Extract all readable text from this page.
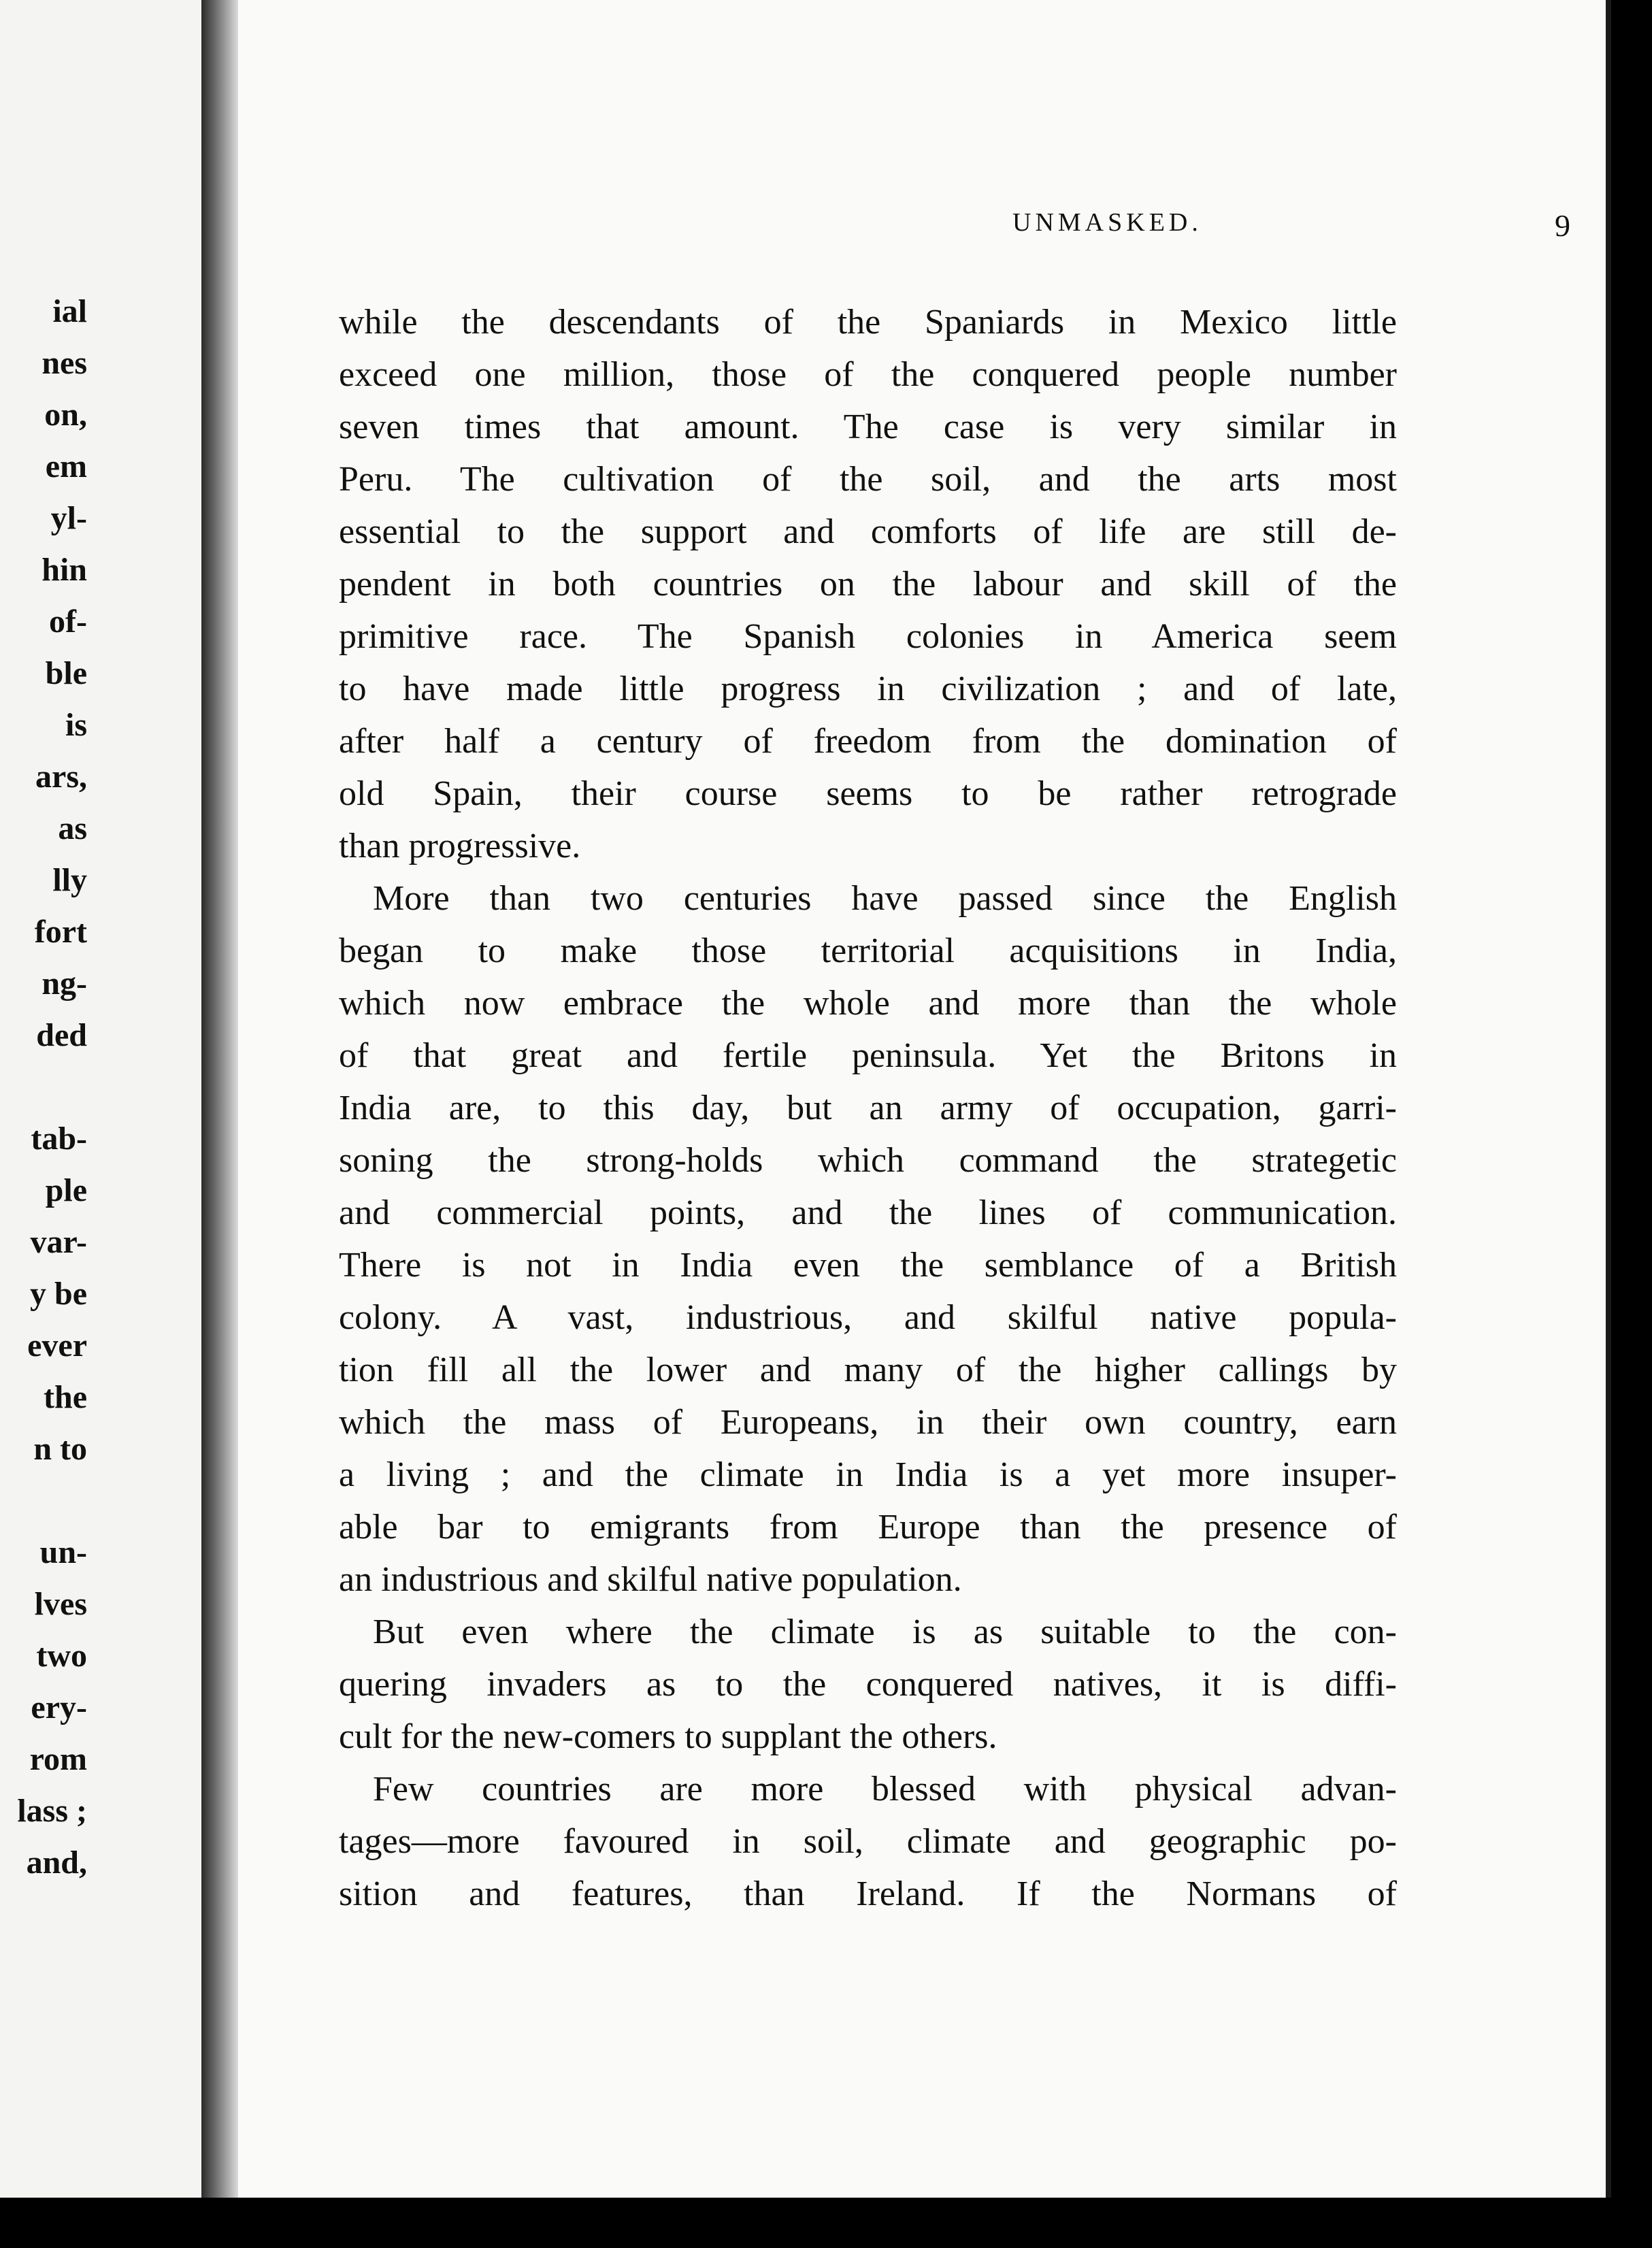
ial
nes
on,
em
yl-
hin
of-
ble
is
ars,
as
lly
fort
ng-
ded
tab-
ple
var-
y be
ever
the
n to
un-
lves
two
ery-
rom
lass ;
and,
UNMASKED.	9
while the descendants of the Spaniards in Mexico little
exceed one million, those of the conquered people number
seven times that amount. The case is very similar in
Peru. The cultivation of the soil, and the arts most
essential to the support and comforts of life are still de-
pendent in both countries on the labour and skill of the
primitive race. The Spanish colonies in America seem
to have made little progress in civilization ; and of late,
after half a century of freedom from the domination of
old Spain, their course seems to be rather retrograde
than progressive.
More than two centuries have passed since the English
began to make those territorial acquisitions in India,
which now embrace the whole and more than the whole
of that great and fertile peninsula. Yet the Britons in
India are, to this day, but an army of occupation, garri-
soning the strong-holds which command the strategetic
and commercial points, and the lines of communication.
There is not in India even the semblance of a British
colony. A vast, industrious, and skilful native popula-
tion fill all the lower and many of the higher callings by
which the mass of Europeans, in their own country, earn
a living ; and the climate in India is a yet more insuper-
able bar to emigrants from Europe than the presence of
an industrious and skilful native population.
But even where the climate is as suitable to the con-
quering invaders as to the conquered natives, it is diffi-
cult for the new-comers to supplant the others.
Few countries are more blessed with physical advan-
tages—more favoured in soil, climate and geographic po-
sition and features, than Ireland. If the Normans of
